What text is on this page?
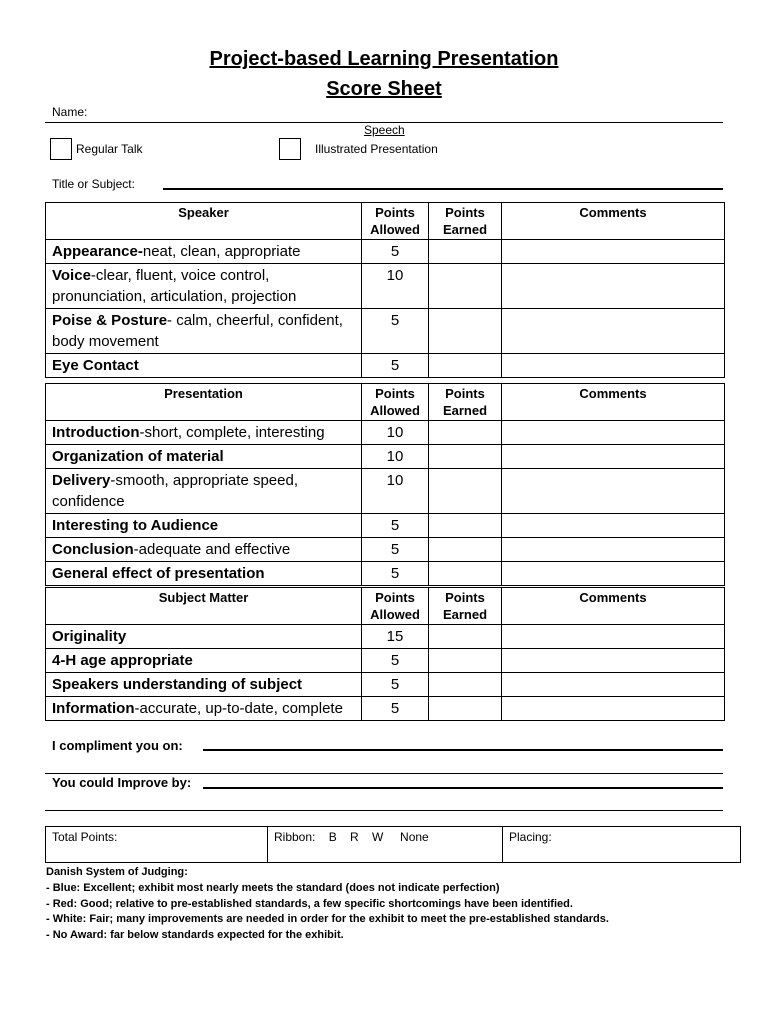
Project-based Learning Presentation
Score Sheet
Name:
Speech
Regular Talk	Illustrated Presentation
Title or Subject:
Speaker	Points Allowed	Points Earned	Comments
Appearance-neat, clean, appropriate	5		
Voice-clear, fluent, voice control, pronunciation, articulation, projection	10		
Poise & Posture- calm, cheerful, confident, body movement	5		
Eye Contact	5		
Presentation	Points Allowed	Points Earned	Comments
Introduction-short, complete, interesting	10		
Organization of material	10		
Delivery-smooth, appropriate speed, confidence	10		
Interesting to Audience	5		
Conclusion-adequate and effective	5		
General effect of presentation	5		
Subject Matter	Points Allowed	Points Earned	Comments
Originality	15		
4-H age appropriate	5		
Speakers understanding of subject	5		
Information-accurate, up-to-date, complete	5		
I compliment you on:
You could Improve by:
Total Points:	Ribbon:    B    R    W     None	Placing:
Danish System of Judging:
- Blue: Excellent; exhibit most nearly meets the standard (does not indicate perfection)
- Red: Good; relative to pre-established standards, a few specific shortcomings have been identified.
- White: Fair; many improvements are needed in order for the exhibit to meet the pre-established standards.
- No Award: far below standards expected for the exhibit.
